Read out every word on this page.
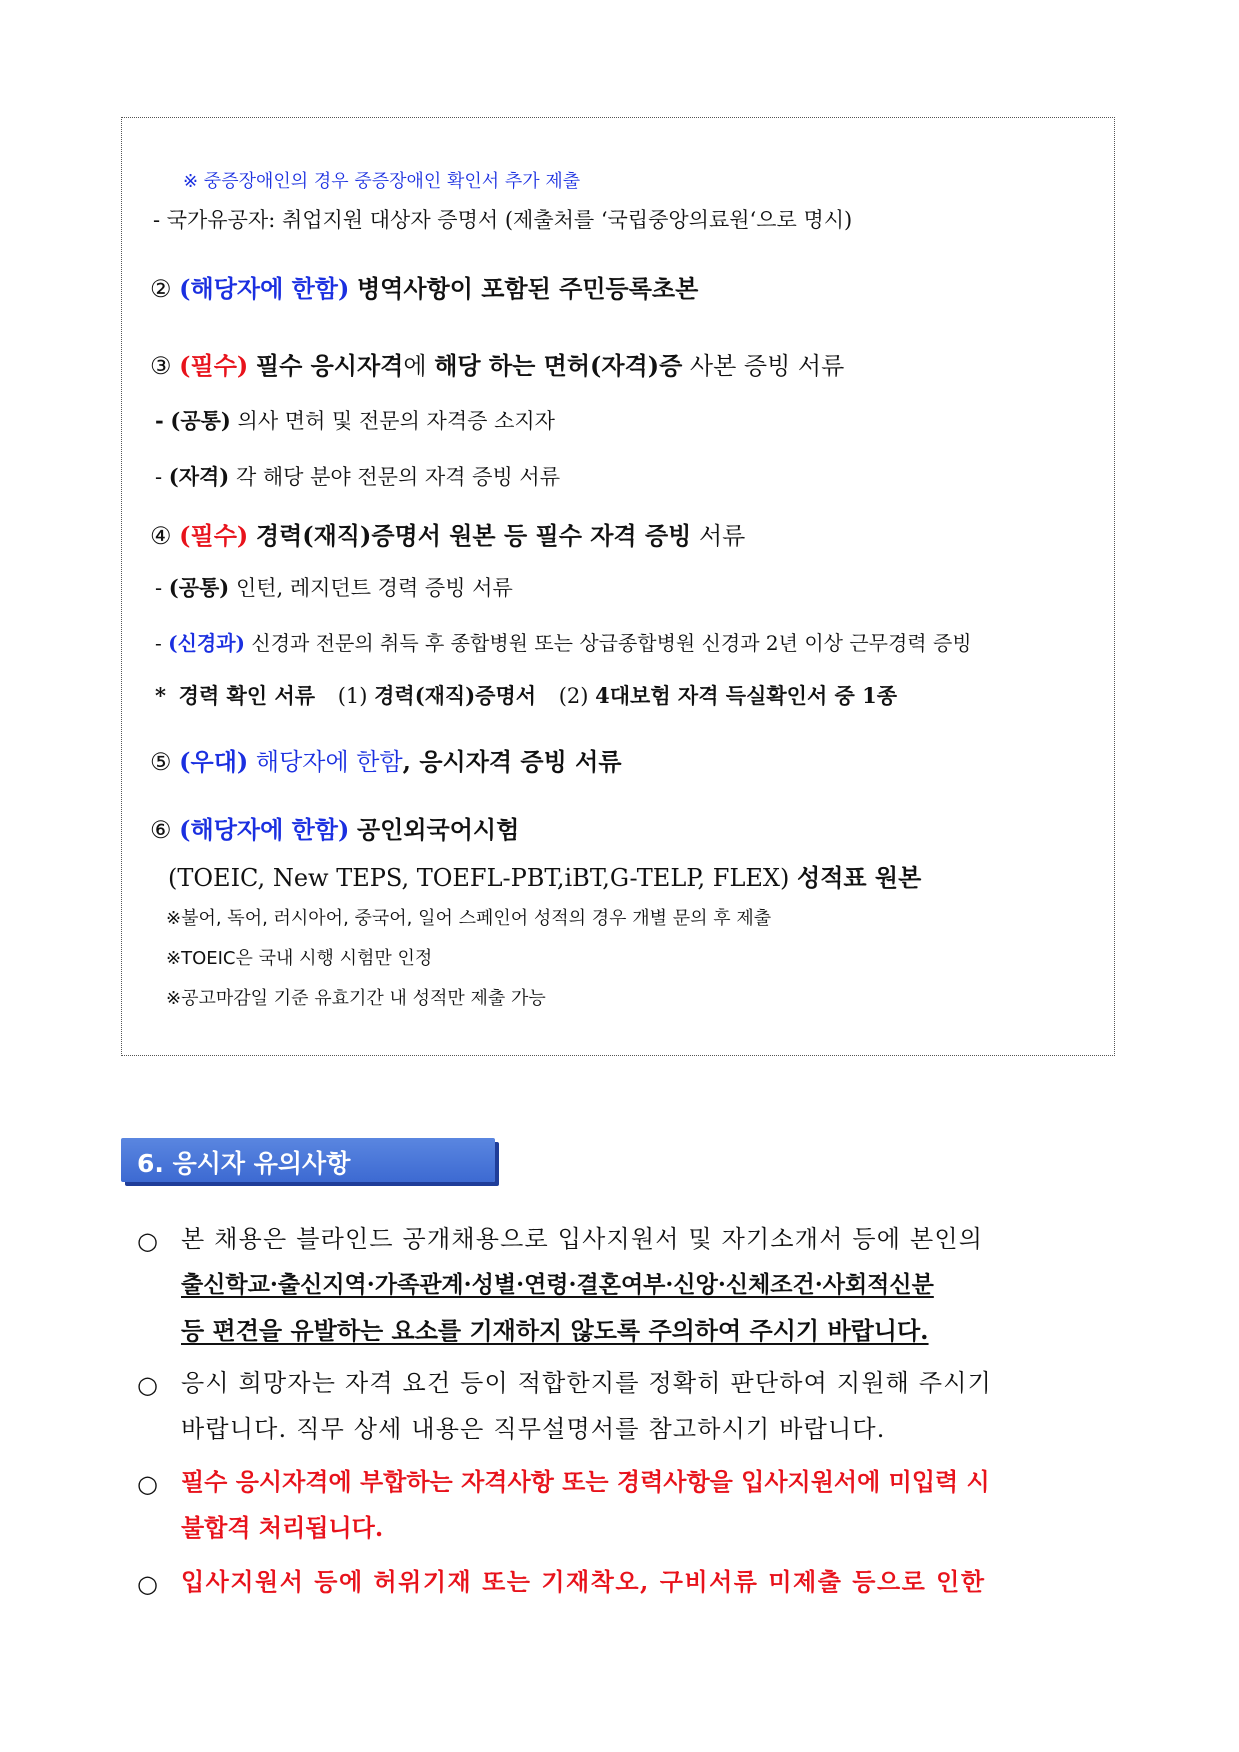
※ 중증장애인의 경우 중증장애인 확인서 추가 제출
- 국가유공자: 취업지원 대상자 증명서 (제출처를 ‘국립중앙의료원‘으로 명시)
② (해당자에 한함) 병역사항이 포함된 주민등록초본
③ (필수) 필수 응시자격에 해당 하는 면허(자격)증 사본 증빙 서류
- (공통) 의사 면허 및 전문의 자격증 소지자
- (자격) 각 해당 분야 전문의 자격 증빙 서류
④ (필수) 경력(재직)증명서 원본 등 필수 자격 증빙 서류
- (공통) 인턴, 레지던트 경력 증빙 서류
- (신경과) 신경과 전문의 취득 후 종합병원 또는 상급종합병원 신경과 2년 이상 근무경력 증빙
* 경력 확인 서류 (1) 경력(재직)증명서 (2) 4대보험 자격 득실확인서 중 1종
⑤ (우대) 해당자에 한함, 응시자격 증빙 서류
⑥ (해당자에 한함) 공인외국어시험
(TOEIC, New TEPS, TOEFL-PBT,iBT,G-TELP, FLEX) 성적표 원본
※불어, 독어, 러시아어, 중국어, 일어 스페인어 성적의 경우 개별 문의 후 제출
※TOEIC은 국내 시행 시험만 인정
※공고마감일 기준 유효기간 내 성적만 제출 가능
6. 응시자 유의사항
○ 본 채용은 블라인드 공개채용으로 입사지원서 및 자기소개서 등에 본인의
출신학교·출신지역·가족관계·성별·연령·결혼여부·신앙·신체조건·사회적신분
등 편견을 유발하는 요소를 기재하지 않도록 주의하여 주시기 바랍니다.
○ 응시 희망자는 자격 요건 등이 적합한지를 정확히 판단하여 지원해 주시기
바랍니다. 직무 상세 내용은 직무설명서를 참고하시기 바랍니다.
○ 필수 응시자격에 부합하는 자격사항 또는 경력사항을 입사지원서에 미입력 시
불합격 처리됩니다.
○ 입사지원서 등에 허위기재 또는 기재착오, 구비서류 미제출 등으로 인한
